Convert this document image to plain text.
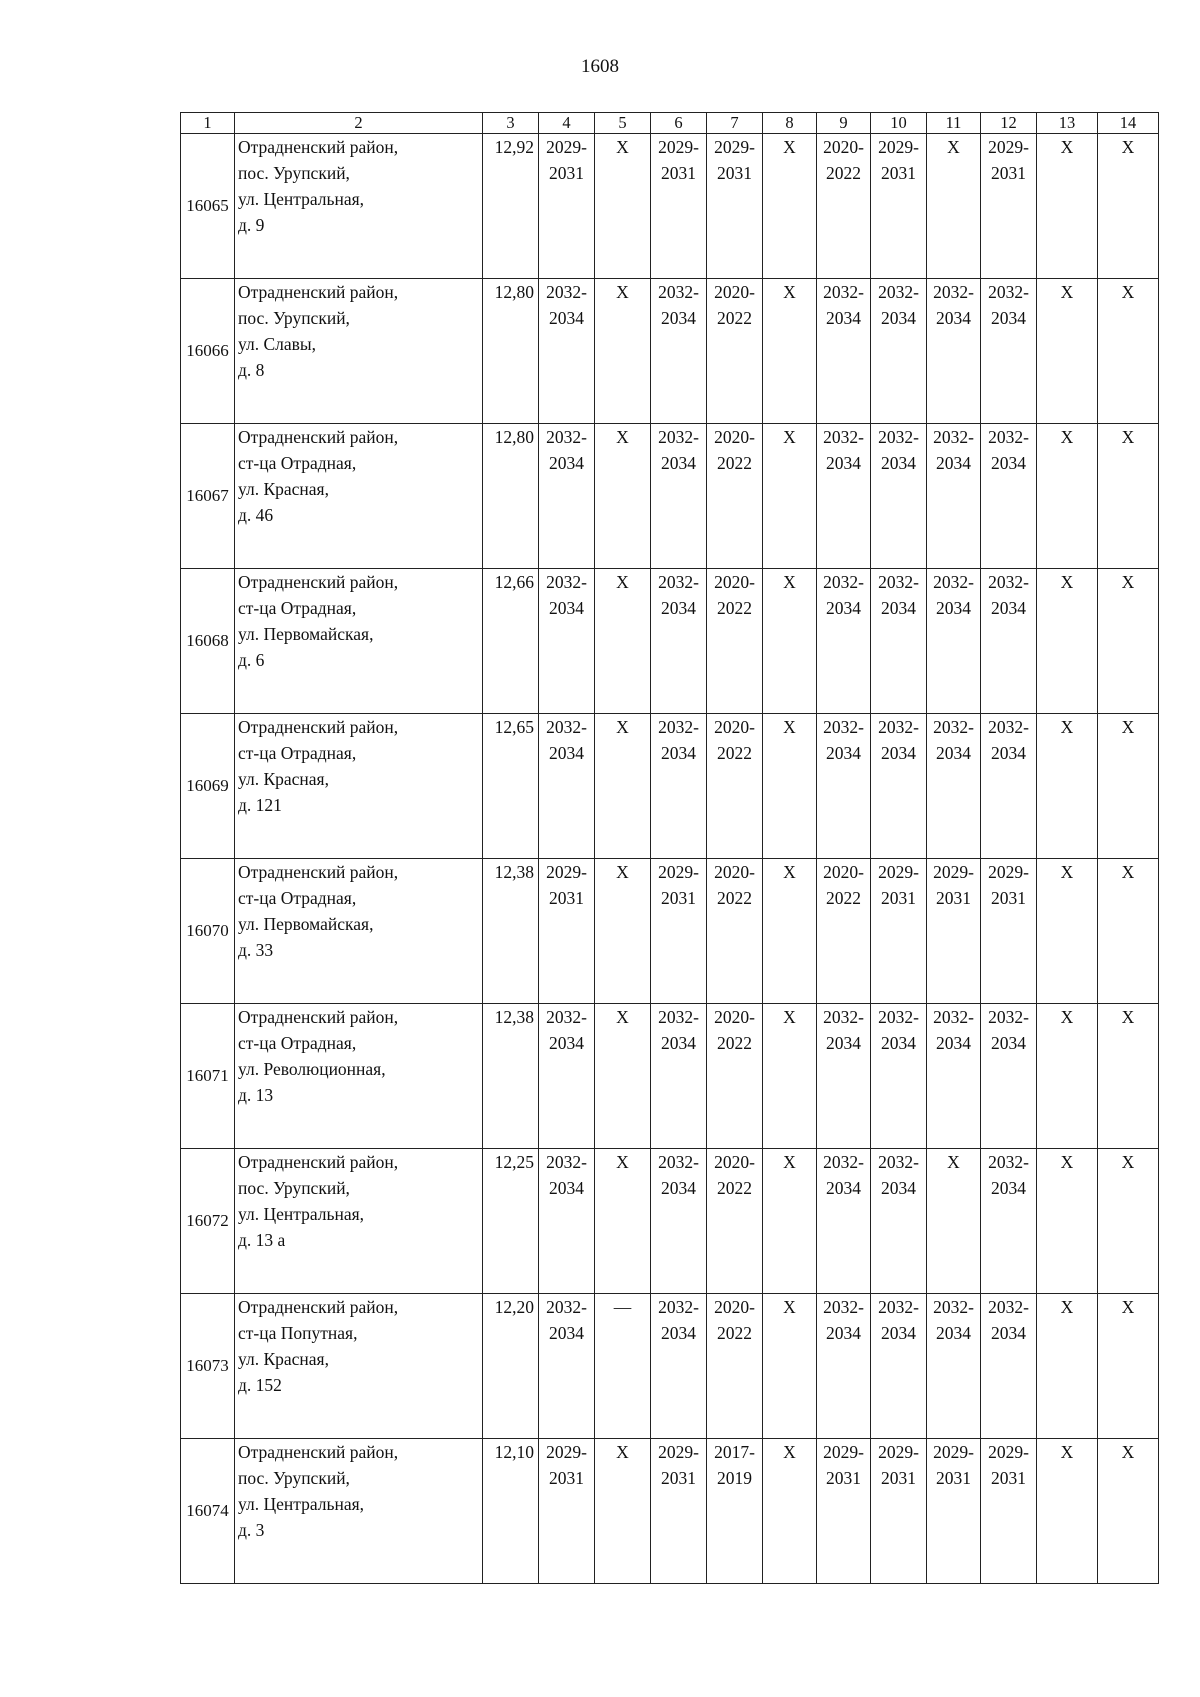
1608
1	2	3	4	5	6	7	8	9	10	11	12	13	14
16065	Отрадненский район,
пос. Урупский,
ул. Центральная,
д. 9	12,92	2029-
2031	X	2029-
2031	2029-
2031	X	2020-
2022	2029-
2031	X	2029-
2031	X	X

16066	Отрадненский район,
пос. Урупский,
ул. Славы,
д. 8	12,80	2032-
2034	X	2032-
2034	2020-
2022	X	2032-
2034	2032-
2034	2032-
2034	2032-
2034	X	X

16067	Отрадненский район,
ст-ца Отрадная,
ул. Красная,
д. 46	12,80	2032-
2034	X	2032-
2034	2020-
2022	X	2032-
2034	2032-
2034	2032-
2034	2032-
2034	X	X

16068	Отрадненский район,
ст-ца Отрадная,
ул. Первомайская,
д. 6	12,66	2032-
2034	X	2032-
2034	2020-
2022	X	2032-
2034	2032-
2034	2032-
2034	2032-
2034	X	X

16069	Отрадненский район,
ст-ца Отрадная,
ул. Красная,
д. 121	12,65	2032-
2034	X	2032-
2034	2020-
2022	X	2032-
2034	2032-
2034	2032-
2034	2032-
2034	X	X

16070	Отрадненский район,
ст-ца Отрадная,
ул. Первомайская,
д. 33	12,38	2029-
2031	X	2029-
2031	2020-
2022	X	2020-
2022	2029-
2031	2029-
2031	2029-
2031	X	X

16071	Отрадненский район,
ст-ца Отрадная,
ул. Революционная,
д. 13	12,38	2032-
2034	X	2032-
2034	2020-
2022	X	2032-
2034	2032-
2034	2032-
2034	2032-
2034	X	X

16072	Отрадненский район,
пос. Урупский,
ул. Центральная,
д. 13 а	12,25	2032-
2034	X	2032-
2034	2020-
2022	X	2032-
2034	2032-
2034	X	2032-
2034	X	X

16073	Отрадненский район,
ст-ца Попутная,
ул. Красная,
д. 152	12,20	2032-
2034	—	2032-
2034	2020-
2022	X	2032-
2034	2032-
2034	2032-
2034	2032-
2034	X	X

16074	Отрадненский район,
пос. Урупский,
ул. Центральная,
д. 3	12,10	2029-
2031	X	2029-
2031	2017-
2019	X	2029-
2031	2029-
2031	2029-
2031	2029-
2031	X	X
